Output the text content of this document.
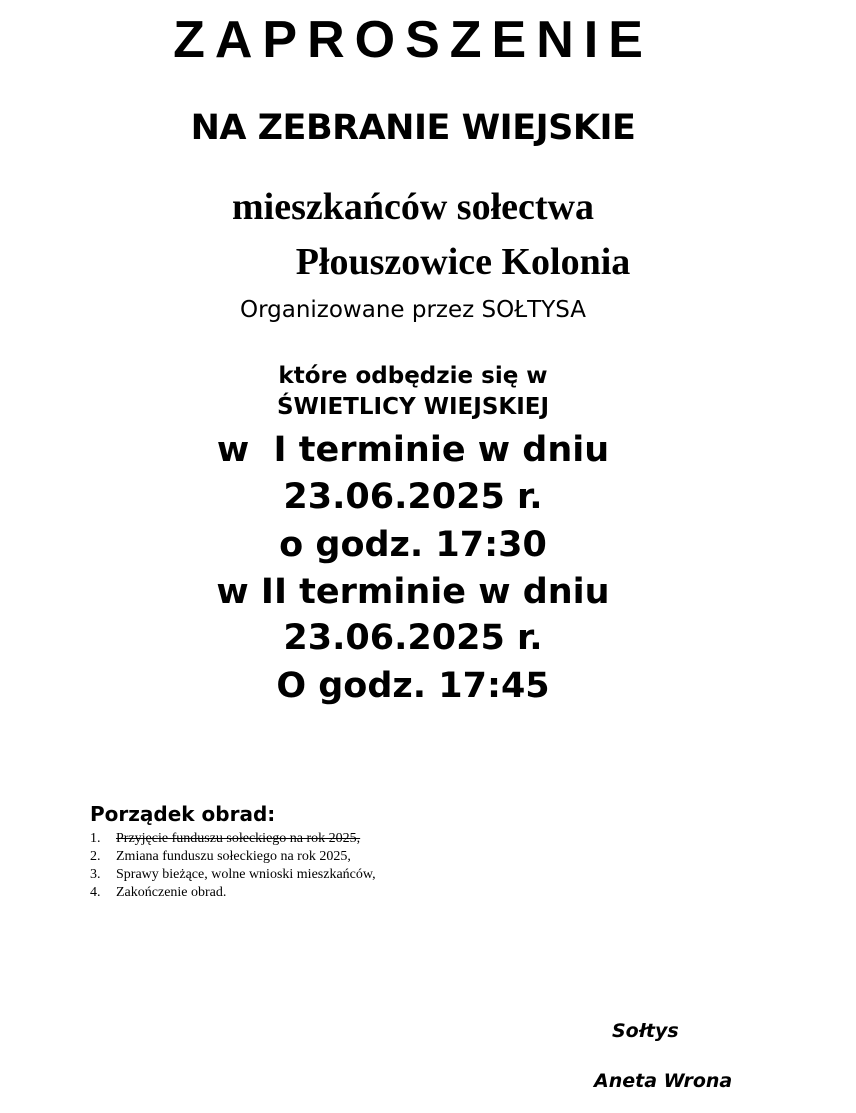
ZAPROSZENIE
NA ZEBRANIE WIEJSKIE
mieszkańców sołectwa
Płouszowice Kolonia
Organizowane przez SOŁTYSA
które odbędzie się w
ŚWIETLICY WIEJSKIEJ
w  I terminie w dniu
23.06.2025 r.
o godz. 17:30
w II terminie w dniu
23.06.2025 r.
O godz. 17:45
Porządek obrad:
1.	Przyjęcie funduszu sołeckiego na rok 2025,
2.	Zmiana funduszu sołeckiego na rok 2025,
3.	Sprawy bieżące, wolne wnioski mieszkańców,
4.	Zakończenie obrad.
Sołtys
Aneta Wrona
